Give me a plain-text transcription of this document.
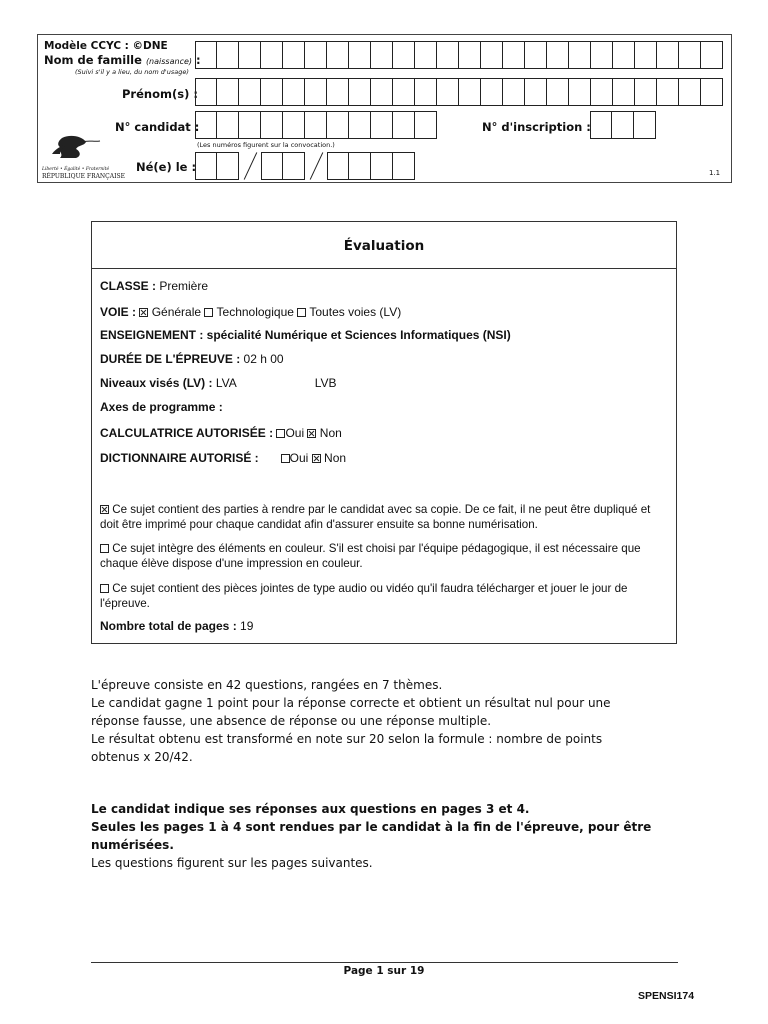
Modèle CCYC : ©DNE
Nom de famille (naissance) :
(Suivi s'il y a lieu, du nom d'usage)
Prénom(s) :
N° candidat :
(Les numéros figurent sur la convocation.)
N° d'inscription :
Liberté • Égalité • Fraternité
RÉPUBLIQUE FRANÇAISE
Né(e) le :	1.1
Évaluation
CLASSE : Première
VOIE :  Générale  Technologique  Toutes voies (LV)
ENSEIGNEMENT : spécialité Numérique et Sciences Informatiques (NSI)
DURÉE DE L'ÉPREUVE : 02 h 00
Niveaux visés (LV) : LVA	LVB
Axes de programme :
CALCULATRICE AUTORISÉE : Oui  Non
DICTIONNAIRE AUTORISÉ :	Oui  Non
Ce sujet contient des parties à rendre par le candidat avec sa copie. De ce fait, il ne peut être dupliqué et doit être imprimé pour chaque candidat afin d'assurer ensuite sa bonne numérisation.
Ce sujet intègre des éléments en couleur. S'il est choisi par l'équipe pédagogique, il est nécessaire que chaque élève dispose d'une impression en couleur.
Ce sujet contient des pièces jointes de type audio ou vidéo qu'il faudra télécharger et jouer le jour de l'épreuve.
Nombre total de pages : 19
L'épreuve consiste en 42 questions, rangées en 7 thèmes.
Le candidat gagne 1 point pour la réponse correcte et obtient un résultat nul pour une
réponse fausse, une absence de réponse ou une réponse multiple.
Le résultat obtenu est transformé en note sur 20 selon la formule : nombre de points
obtenus x 20/42.
Le candidat indique ses réponses aux questions en pages 3 et 4.
Seules les pages 1 à 4 sont rendues par le candidat à la fin de l'épreuve, pour être
numérisées.
Les questions figurent sur les pages suivantes.
Page 1 sur 19
SPENSI174
